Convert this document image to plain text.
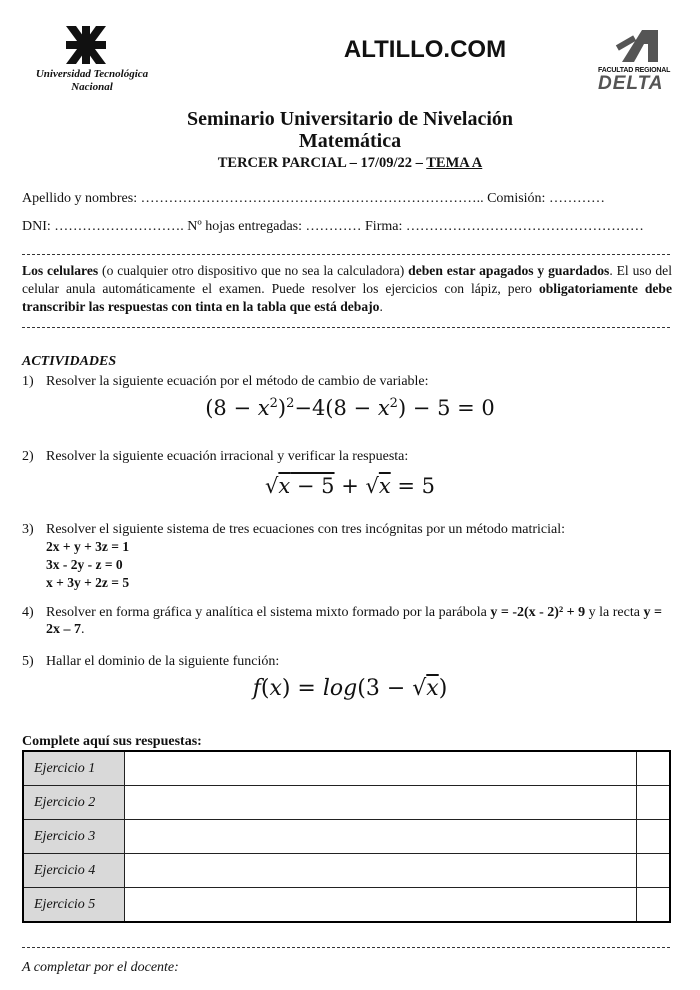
Universidad Tecnológica
Nacional
ALTILLO.COM
FACULTAD REGIONAL
DELTA
Seminario Universitario de Nivelación
Matemática
TERCER PARCIAL – 17/09/22 – TEMA A
Apellido y nombres: ……………………………………………………………….. Comisión: …………
DNI: ………………………. Nº hojas entregadas: ………… Firma: ……………………………………………
Los celulares (o cualquier otro dispositivo que no sea la calculadora) deben estar apagados y guardados. El uso del celular anula automáticamente el examen. Puede resolver los ejercicios con lápiz, pero obligatoriamente debe transcribir las respuestas con tinta en la tabla que está debajo.
ACTIVIDADES
1) Resolver la siguiente ecuación por el método de cambio de variable:
$(8 - x^2)^2-4(8 - x^2) - 5 = 0$
2) Resolver la siguiente ecuación irracional y verificar la respuesta:
√x − 5 + √x = 5
3) Resolver el siguiente sistema de tres ecuaciones con tres incógnitas por un método matricial:
2x + y + 3z = 1
3x - 2y - z = 0
x + 3y + 2z = 5
4) Resolver en forma gráfica y analítica el sistema mixto formado por la parábola y = -2(x - 2)² + 9 y la recta y = 2x – 7.
5) Hallar el dominio de la siguiente función:
f(x) = log(3 − √x)
Complete aquí sus respuestas:
Ejercicio 1		
Ejercicio 2		
Ejercicio 3		
Ejercicio 4		
Ejercicio 5		
A completar por el docente:
